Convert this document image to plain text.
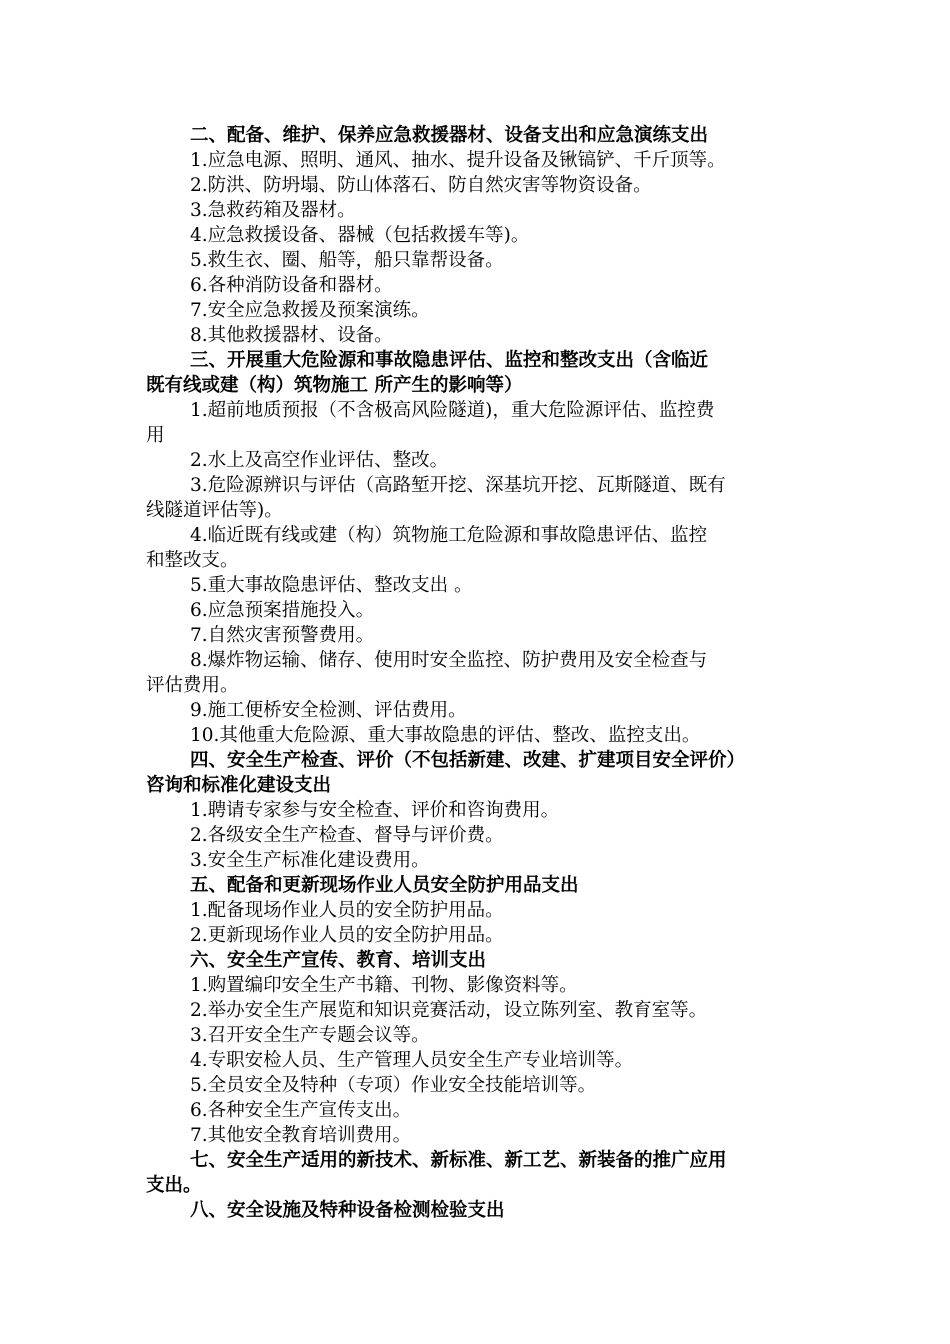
二、配备、维护、保养应急救援器材、设备支出和应急演练支出
1.应急电源、照明、通风、抽水、提升设备及锹镐铲、千斤顶等。
2.防洪、防坍塌、防山体落石、防自然灾害等物资设备。
3.急救药箱及器材。
4.应急救援设备、器械（包括救援车等)。
5.救生衣、圈、船等，船只靠帮设备。
6.各种消防设备和器材。
7.安全应急救援及预案演练。
8.其他救援器材、设备。
三、开展重大危险源和事故隐患评估、监控和整改支出（含临近
既有线或建（构）筑物施工 所产生的影响等）
1.超前地质预报（不含极高风险隧道)，重大危险源评估、监控费
用
2.水上及高空作业评估、整改。
3.危险源辨识与评估（高路堑开挖、深基坑开挖、瓦斯隧道、既有
线隧道评估等)。
4.临近既有线或建（构）筑物施工危险源和事故隐患评估、监控
和整改支。
5.重大事故隐患评估、整改支出 。
6.应急预案措施投入。
7.自然灾害预警费用。
8.爆炸物运输、储存、使用时安全监控、防护费用及安全检查与
评估费用。
9.施工便桥安全检测、评估费用。
10.其他重大危险源、重大事故隐患的评估、整改、监控支出。
四、安全生产检查、评价（不包括新建、改建、扩建项目安全评价）
咨询和标准化建设支出
1.聘请专家参与安全检查、评价和咨询费用。
2.各级安全生产检查、督导与评价费。
3.安全生产标准化建设费用。
五、配备和更新现场作业人员安全防护用品支出
1.配备现场作业人员的安全防护用品。
2.更新现场作业人员的安全防护用品。
六、安全生产宣传、教育、培训支出
1.购置编印安全生产书籍、刊物、影像资料等。
2.举办安全生产展览和知识竞赛活动，设立陈列室、教育室等。
3.召开安全生产专题会议等。
4.专职安检人员、生产管理人员安全生产专业培训等。
5.全员安全及特种（专项）作业安全技能培训等。
6.各种安全生产宣传支出。
7.其他安全教育培训费用。
七、安全生产适用的新技术、新标准、新工艺、新装备的推广应用
支出。
八、安全设施及特种设备检测检验支出
